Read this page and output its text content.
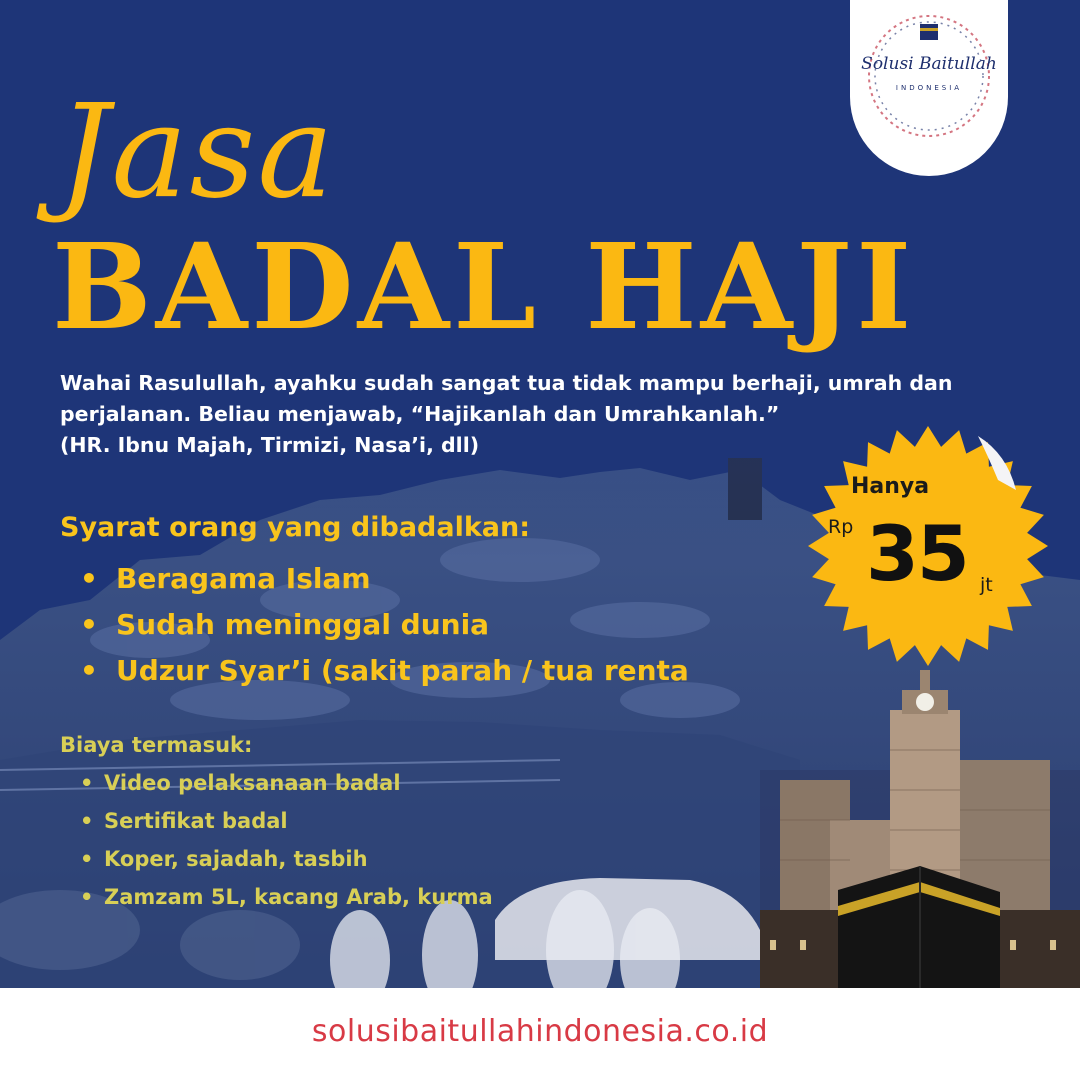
Solusi Baitullah
INDONESIA
Jasa
BADAL HAJI

Wahai Rasulullah, ayahku sudah sangat tua tidak mampu berhaji, umrah dan
perjalanan. Beliau menjawab, “Hajikanlah dan Umrahkanlah.”
(HR. Ibnu Majah, Tirmizi, Nasa’i, dll)

Syarat orang yang dibadalkan:

• Beragama Islam
• Sudah meninggal dunia
• Udzur Syar’i (sakit parah / tua renta

Biaya termasuk:

• Video pelaksanaan badal
• Sertifikat badal
• Koper, sajadah, tasbih
• Zamzam 5L, kacang Arab, kurma
Hanya
Rp 35 jt
solusibaitullahindonesia.co.id
